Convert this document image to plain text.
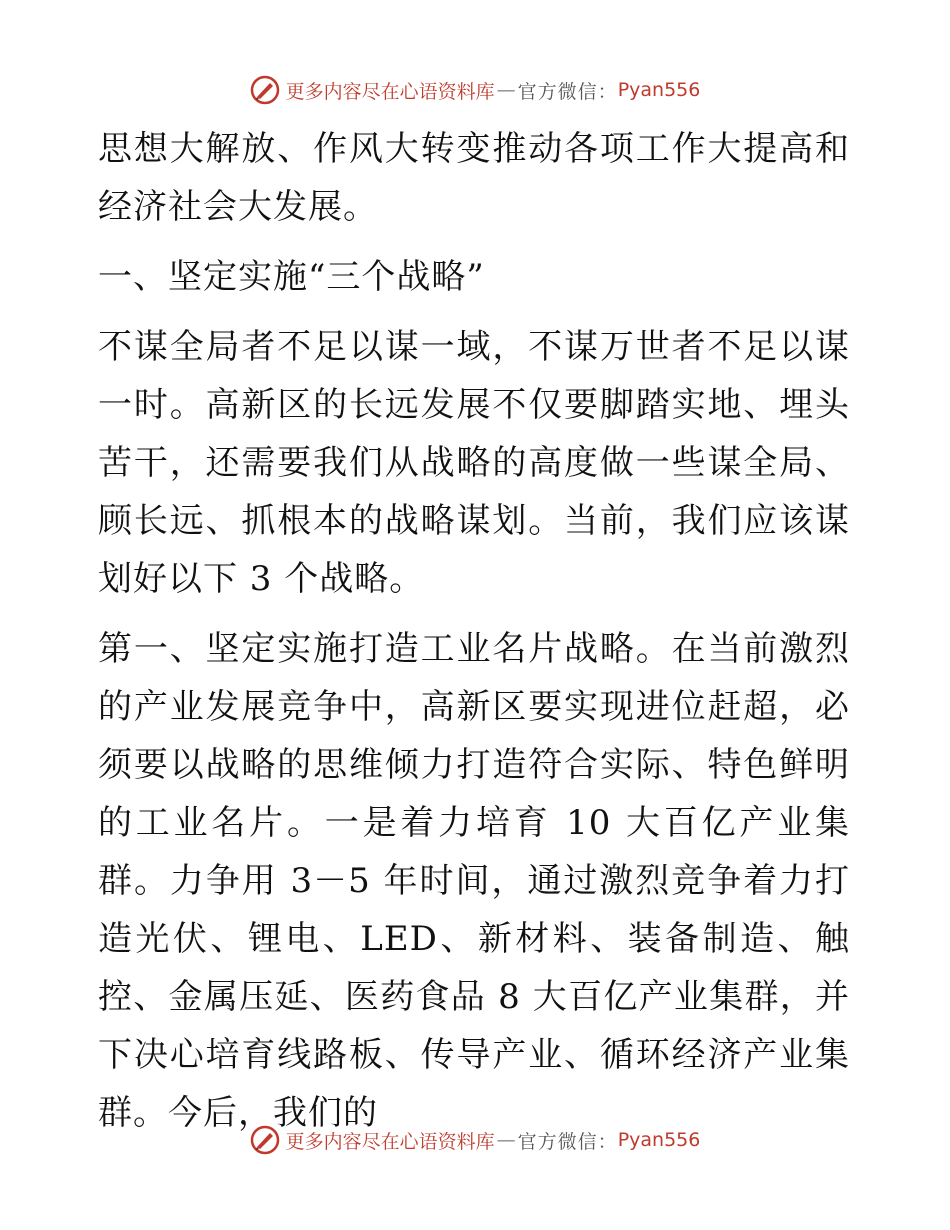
更多内容尽在心语资料库 — 官方微信： Pyan556

思想大解放、作风大转变推动各项工作大提高和经济社会大发展。

一、坚定实施“三个战略”

不谋全局者不足以谋一域，不谋万世者不足以谋一时。高新区的长远发展不仅要脚踏实地、埋头苦干，还需要我们从战略的高度做一些谋全局、顾长远、抓根本的战略谋划。当前，我们应该谋划好以下 3 个战略。

第一、坚定实施打造工业名片战略。在当前激烈的产业发展竞争中，高新区要实现进位赶超，必须要以战略的思维倾力打造符合实际、特色鲜明的工业名片。一是着力培育 10 大百亿产业集群。力争用 3－5 年时间，通过激烈竞争着力打造光伏、锂电、LED、新材料、装备制造、触控、金属压延、医药食品 8 大百亿产业集群，并下决心培育线路板、传导产业、循环经济产业集群。今后，我们的

更多内容尽在心语资料库 — 官方微信： Pyan556
